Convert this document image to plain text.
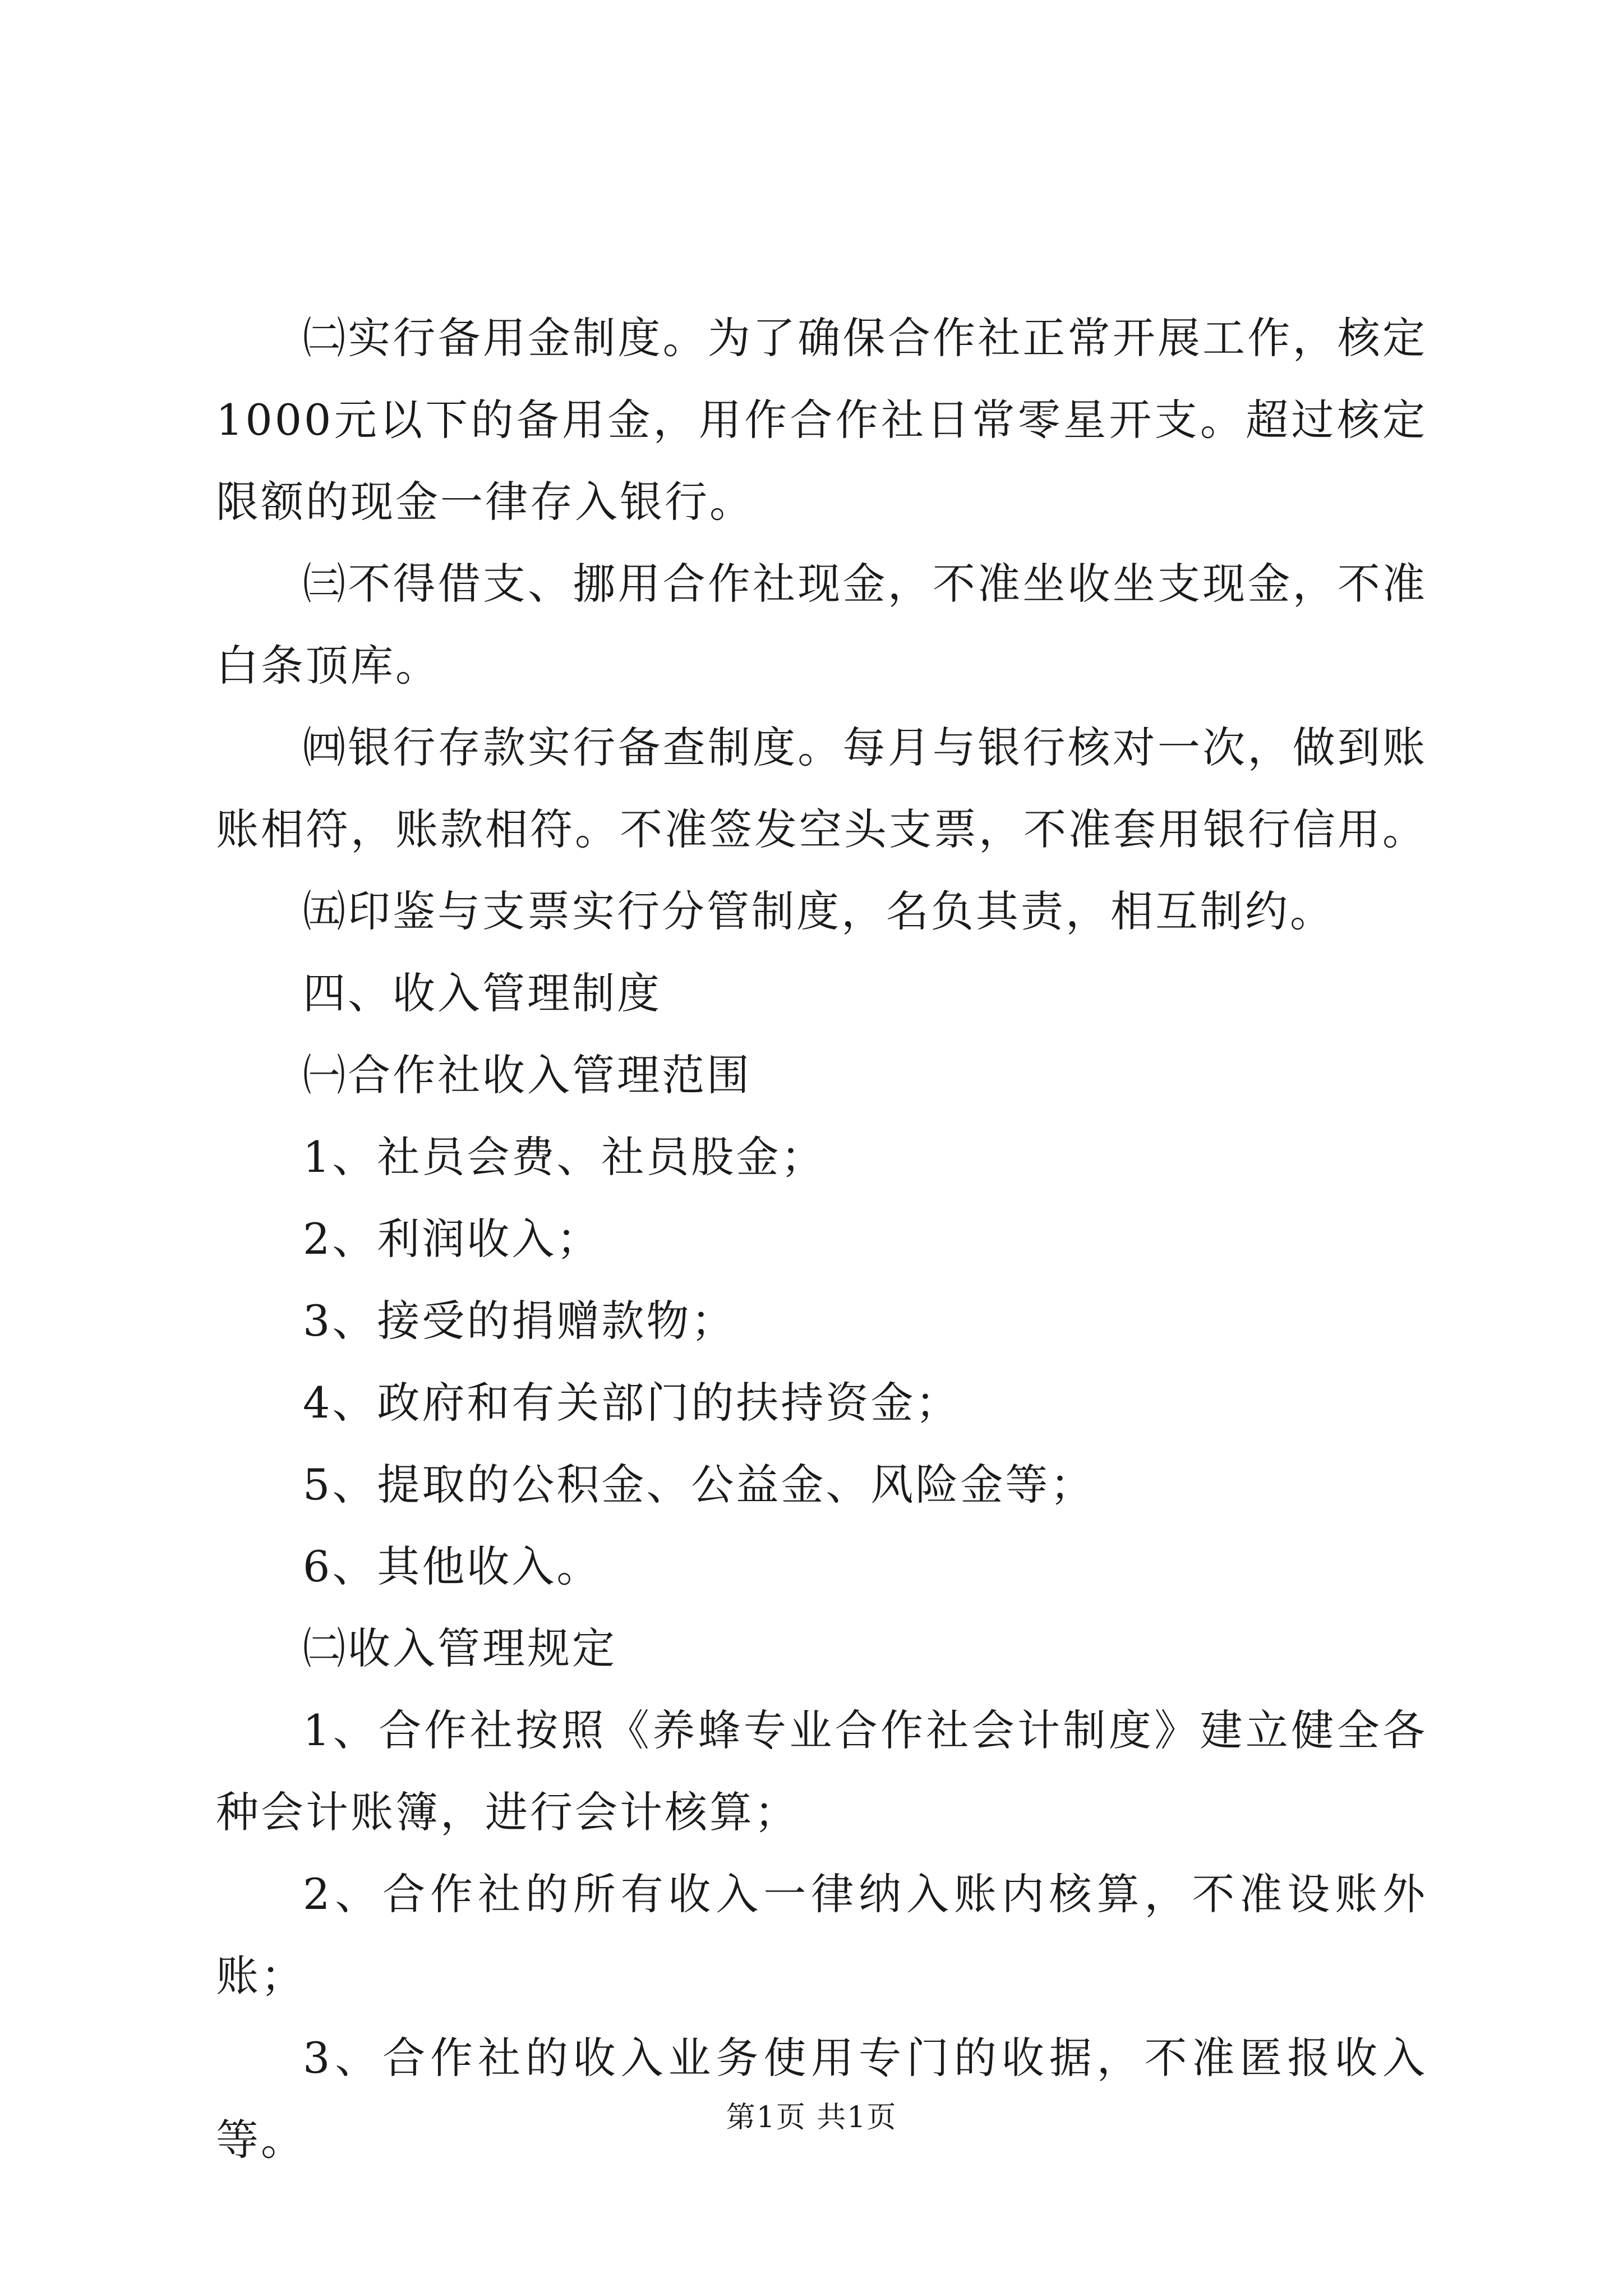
㈡实行备用金制度。为了确保合作社正常开展工作，核定1000元以下的备用金，用作合作社日常零星开支。超过核定限额的现金一律存入银行。

㈢不得借支、挪用合作社现金，不准坐收坐支现金，不准白条顶库。

㈣银行存款实行备查制度。每月与银行核对一次，做到账账相符，账款相符。不准签发空头支票，不准套用银行信用。

㈤印鉴与支票实行分管制度，名负其责，相互制约。

四、收入管理制度

㈠合作社收入管理范围

1、社员会费、社员股金；

2、利润收入；

3、接受的捐赠款物；

4、政府和有关部门的扶持资金；

5、提取的公积金、公益金、风险金等；

6、其他收入。

㈡收入管理规定

1、合作社按照《养蜂专业合作社会计制度》建立健全各种会计账簿，进行会计核算；

2、合作社的所有收入一律纳入账内核算，不准设账外账；

3、合作社的收入业务使用专门的收据，不准匿报收入等。	第1页 共1页
